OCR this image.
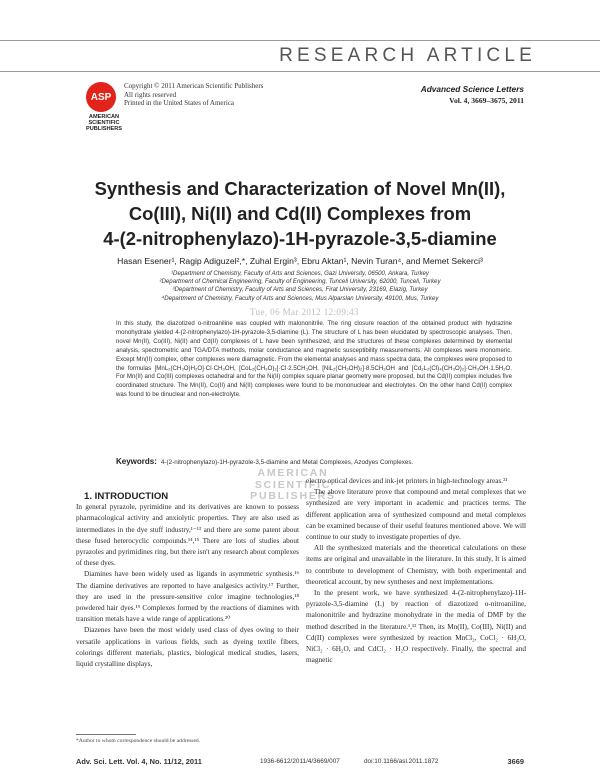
RESEARCH ARTICLE
ASP
AMERICAN SCIENTIFIC PUBLISHERS
Copyright © 2011 American Scientific Publishers
All rights reserved
Printed in the United States of America
Advanced Science Letters
Vol. 4, 3669–3675, 2011
Synthesis and Characterization of Novel Mn(II),
Co(III), Ni(II) and Cd(II) Complexes from
4-(2-nitrophenylazo)-1H-pyrazole-3,5-diamine
Hasan Esener¹, Ragip Adiguzel²,*, Zuhal Ergin³, Ebru Aktan¹, Nevin Turan⁴, and Memet Sekerci³
¹Department of Chemistry, Faculty of Arts and Sciences, Gazi University, 06500, Ankara, Turkey
²Department of Chemical Engineering, Faculty of Engineering, Tunceli University, 62000, Tunceli, Turkey
³Department of Chemistry, Faculty of Arts and Sciences, Firat University, 23169, Elazig, Turkey
⁴Department of Chemistry, Faculty of Arts and Sciences, Mus Alparslan University, 49100, Mus, Turkey
Tue, 06 Mar 2012 12:09:43
In this study, the diazotized o-nitroaniline was coupled with malononitrile. The ring closure reaction of the obtained product with hydrazine monohydrate yielded 4-(2-nitrophenylazo)-1H-pyrazole-3,5-diamine (L). The structure of L has been elucidated by spectroscopic analyses. Then, novel Mn(II), Co(III), Ni(II) and Cd(II) complexes of L have been synthesized, and the structures of these complexes determined by elemental analysis, spectrometric and TGA/DTA methods, molar conductance and magnetic susceptibility measurements. All complexes were monomeric. Except Mn(II) complex, other complexes were diamagnetic. From the elemental analyses and mass spectra data, the complexes were proposed to the formulas [MnL₂(CH₃O)H₂O]·Cl·CH₃OH, [CoL₂(CH₃O)₂]·Cl·2.5CH₃OH, [NiL₂(CH₃OH)₂]·8.5CH₃OH and [Cd₂L₂(Cl)₄(CH₃O)₂]·CH₃OH·1.5H₂O. For Mn(II) and Co(III) complexes octahedral and for the Ni(II) complex square planar geometry were proposed, but the Cd(II) complex includes five coordinated structure. The Mn(II), Co(II) and Ni(II) complexes were found to be mononuclear and electrolytes. On the other hand Cd(II) complex was found to be dinuclear and non-electrolyte.
Keywords: 4-(2-nitrophenylazo)-1H-pyrazole-3,5-diamine and Metal Complexes, Azodyes Complexes.
AMERICAN
SCIENTIFIC
PUBLISHERS

1. INTRODUCTION

In general pyrazole, pyrimidine and its derivatives are known to possess pharmacological activity and anxiolytic properties. They are also used as intermediates in the dye stuff industry,¹⁻¹³ and there are some patent about these fused heterocyclic compounds.¹⁴,¹⁵ There are lots of studies about pyrazoles and pyrimidines ring, but there isn't any research about complexes of these dyes.

Diamines have been widely used as ligands in asymmetric synthesis.¹⁶ The diamine derivatives are reported to have analgesics activity.¹⁷ Further, they are used in the pressure-sensitive color imagine technologies,¹⁸ powdered hair dyes.¹⁹ Complexes formed by the reactions of diamines with transition metals have a wide range of applications.²⁰

Diazenes have been the most widely used class of dyes owing to their versatile applications in various fields, such as dyeing textile fibers, colorings different materials, plastics, biological medical studies, lasers, liquid crystalline displays,

electro optical devices and ink-jet printers in high-technology areas.²¹

The above literature prove that compound and metal complexes that we synthesized are very important in academic and practices terms. The different application area of synthesized compound and metal complexes can be examined because of their useful features mentioned above. We will continue to our study to investigate properties of dye.

All the synthesized materials and the theoretical calculations on these items are original and unavailable in the literature. In this study, It is aimed to contribute to development of Chemistry, with both experimental and theoretical account, by new syntheses and next implementations.

In the present work, we have synthesized 4-(2-nitrophenylazo)-1H-pyrazole-3,5-diamine (L) by reaction of diazotized o-nitroaniline, malononitrile and hydrazine monohydrate in the media of DMF by the method described in the literature.¹,¹² Then, its Mn(II), Co(III), Ni(II) and Cd(II) complexes were synthesized by reaction MnCl₂, CoCl₂ · 6H₂O, NiCl₂ · 6H₂O, and CdCl₂ · H₂O respectively. Finally, the spectral and magnetic

*Author to whom correspondence should be addressed.
Adv. Sci. Lett. Vol. 4, No. 11/12, 2011	1936-6612/2011/4/3669/007	doi:10.1166/asl.2011.1872	3669
